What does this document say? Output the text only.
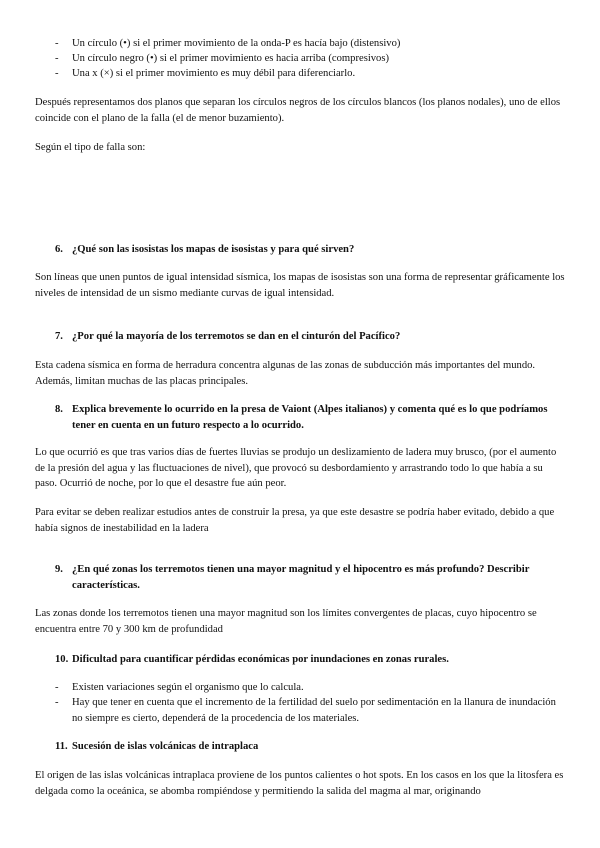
-	Un círculo (•) si el primer movimiento de la onda-P es hacía bajo (distensivo)
-	Un círculo negro (•) si el primer movimiento es hacia arriba (compresivos)
-	Una x (×) si el primer movimiento es muy débil para diferenciarlo.

Después representamos dos planos que separan los círculos negros de los círculos blancos (los planos nodales), uno de ellos coincide con el plano de la falla (el de menor buzamiento).

Según el tipo de falla son:

6. ¿Qué son las isosistas los mapas de isosistas y para qué sirven?

Son líneas que unen puntos de igual intensidad sísmica, los mapas de isosistas son una forma de representar gráficamente los niveles de intensidad de un sismo mediante curvas de igual intensidad.

7. ¿Por qué la mayoría de los terremotos se dan en el cinturón del Pacífico?

Esta cadena sísmica en forma de herradura concentra algunas de las zonas de subducción más importantes del mundo. Además, limitan muchas de las placas principales.

8. Explica brevemente lo ocurrido en la presa de Vaiont (Alpes italianos) y comenta qué es lo que podríamos tener en cuenta en un futuro respecto a lo ocurrido.

Lo que ocurrió es que tras varios días de fuertes lluvias se produjo un deslizamiento de ladera muy brusco, (por el aumento de la presión del agua y las fluctuaciones de nivel), que provocó su desbordamiento y arrastrando todo lo que había a su paso. Ocurrió de noche, por lo que el desastre fue aún peor.

Para evitar se deben realizar estudios antes de construir la presa, ya que este desastre se podría haber evitado, debido a que había signos de inestabilidad en la ladera

9. ¿En qué zonas los terremotos tienen una mayor magnitud y el hipocentro es más profundo? Describir características.

Las zonas donde los terremotos tienen una mayor magnitud son los límites convergentes de placas, cuyo hipocentro se encuentra entre 70 y 300 km de profundidad

10. Dificultad para cuantificar pérdidas económicas por inundaciones en zonas rurales.
-	Existen variaciones según el organismo que lo calcula.
-	Hay que tener en cuenta que el incremento de la fertilidad del suelo por sedimentación en la llanura de inundación no siempre es cierto, dependerá de la procedencia de los materiales.
11. Sucesión de islas volcánicas de intraplaca

El origen de las islas volcánicas intraplaca proviene de los puntos calientes o hot spots. En los casos en los que la litosfera es delgada como la oceánica, se abomba rompiéndose y permitiendo la salida del magma al mar, originando
